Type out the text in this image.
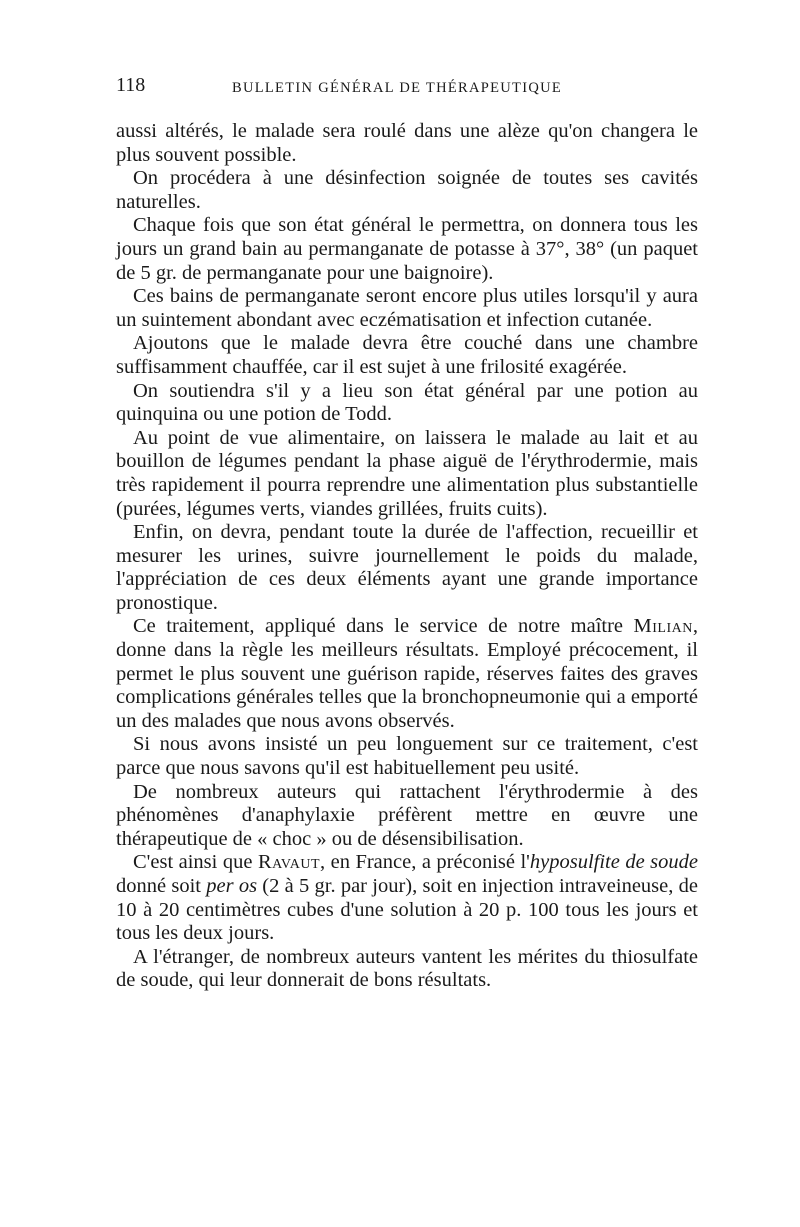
118	BULLETIN GÉNÉRAL DE THÉRAPEUTIQUE

aussi altérés, le malade sera roulé dans une alèze qu'on changera le plus souvent possible.

On procédera à une désinfection soignée de toutes ses cavités naturelles.

Chaque fois que son état général le permettra, on donnera tous les jours un grand bain au permanganate de potasse à 37°, 38° (un paquet de 5 gr. de permanganate pour une baignoire).

Ces bains de permanganate seront encore plus utiles lorsqu'il y aura un suintement abondant avec eczématisation et infection cutanée.

Ajoutons que le malade devra être couché dans une chambre suffisamment chauffée, car il est sujet à une frilosité exagérée.

On soutiendra s'il y a lieu son état général par une potion au quinquina ou une potion de Todd.

Au point de vue alimentaire, on laissera le malade au lait et au bouillon de légumes pendant la phase aiguë de l'érythrodermie, mais très rapidement il pourra reprendre une alimentation plus substantielle (purées, légumes verts, viandes grillées, fruits cuits).

Enfin, on devra, pendant toute la durée de l'affection, recueillir et mesurer les urines, suivre journellement le poids du malade, l'appréciation de ces deux éléments ayant une grande importance pronostique.

Ce traitement, appliqué dans le service de notre maître Milian, donne dans la règle les meilleurs résultats. Employé précocement, il permet le plus souvent une guérison rapide, réserves faites des graves complications générales telles que la bronchopneumonie qui a emporté un des malades que nous avons observés.

Si nous avons insisté un peu longuement sur ce traitement, c'est parce que nous savons qu'il est habituellement peu usité.

De nombreux auteurs qui rattachent l'érythrodermie à des phénomènes d'anaphylaxie préfèrent mettre en œuvre une thérapeutique de « choc » ou de désensibilisation.

C'est ainsi que Ravaut, en France, a préconisé l'hyposulfite de soude donné soit per os (2 à 5 gr. par jour), soit en injection intraveineuse, de 10 à 20 centimètres cubes d'une solution à 20 p. 100 tous les jours et tous les deux jours.

A l'étranger, de nombreux auteurs vantent les mérites du thiosulfate de soude, qui leur donnerait de bons résultats.
